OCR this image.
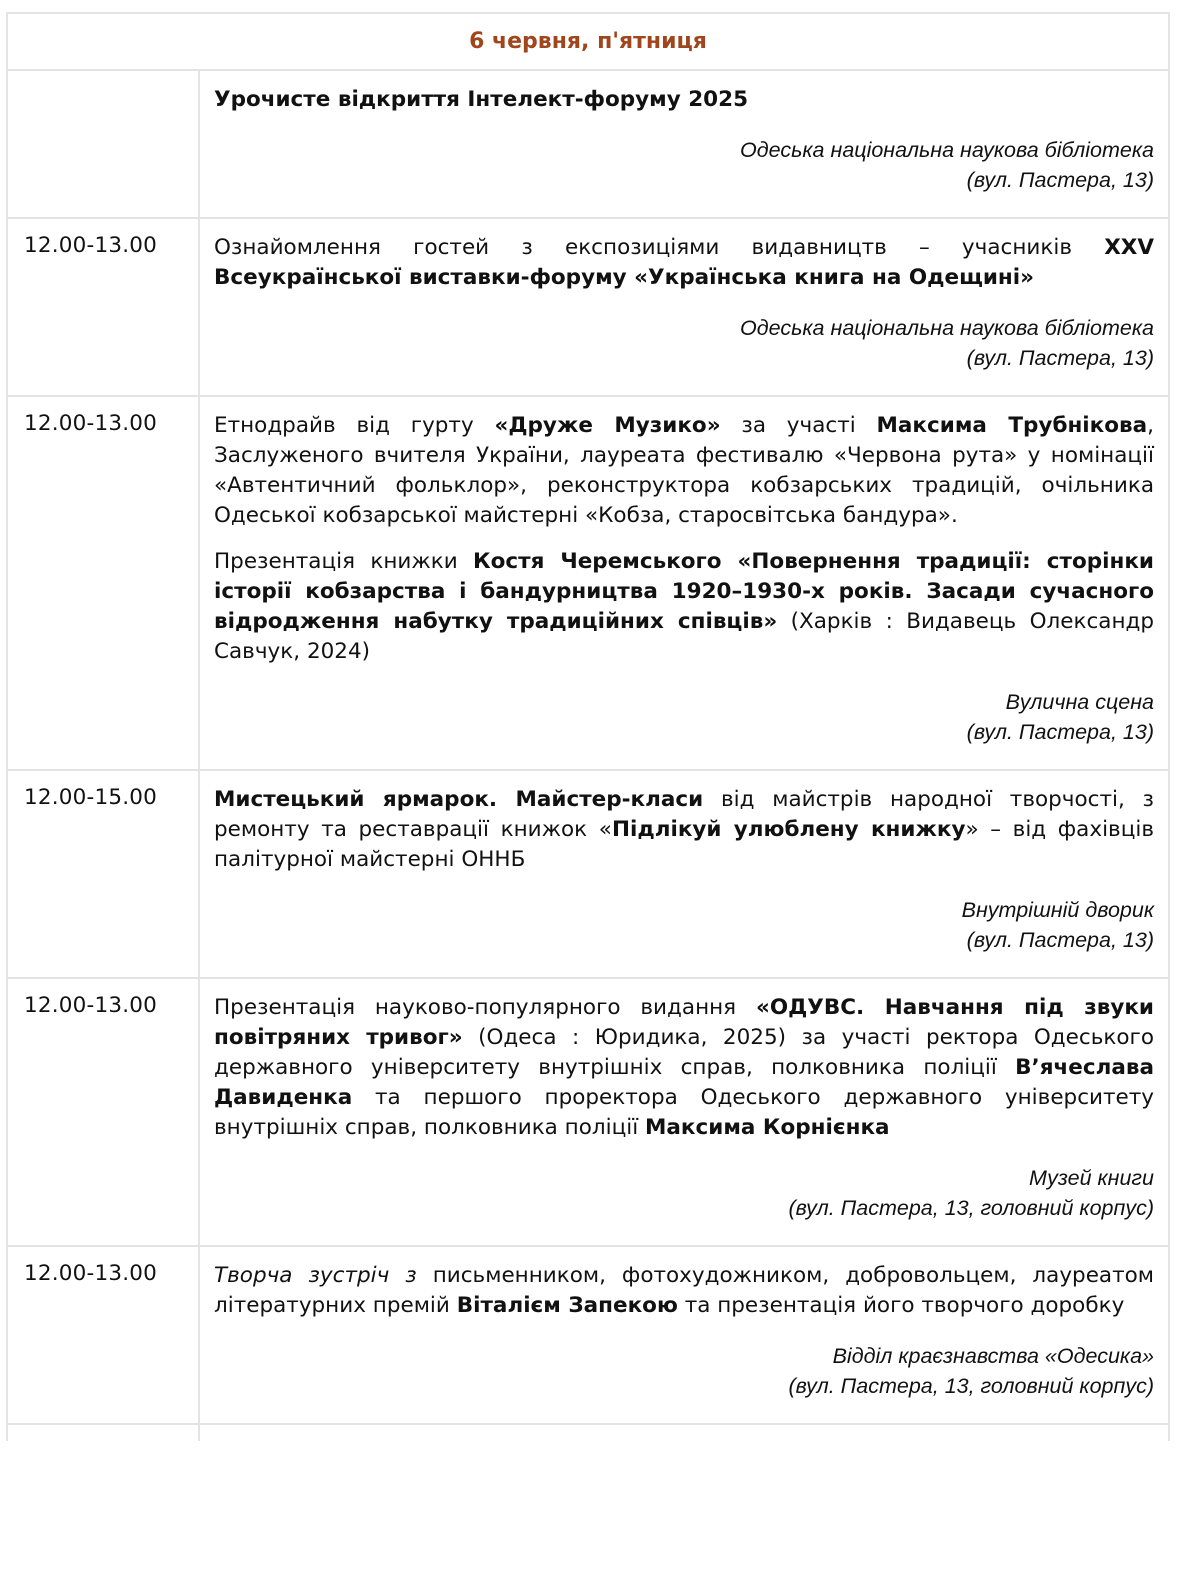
6 червня, п'ятниця	

	Урочисте відкриття Інтелект-форуму 2025

Одеська національна наукова бібліотека
(вул. Пастера, 13)

12.00-13.00	Ознайомлення гостей з експозиціями видавництв – учасників XXV Всеукраїнської виставки-форуму «Українська книга на Одещині»

Одеська національна наукова бібліотека
(вул. Пастера, 13)

12.00-13.00	Етнодрайв від гурту «Друже Музико» за участі Максима Трубнікова, Заслуженого вчителя України, лауреата фестивалю «Червона рута» у номінації «Автентичний фольклор», реконструктора кобзарських традицій, очільника Одеської кобзарської майстерні «Кобза, старосвітська бандура».

Презентація книжки Костя Черемського «Повернення традиції: сторінки історії кобзарства і бандурництва 1920–1930-х років. Засади сучасного відродження набутку традиційних співців» (Харків : Видавець Олександр Савчук, 2024)

Вулична сцена
(вул. Пастера, 13)

12.00-15.00	Мистецький ярмарок. Майстер-класи від майстрів народної творчості, з ремонту та реставрації книжок «Підлікуй улюблену книжку» – від фахівців палітурної майстерні ОННБ

Внутрішній дворик
(вул. Пастера, 13)

12.00-13.00	Презентація науково-популярного видання «ОДУВС. Навчання під звуки повітряних тривог» (Одеса : Юридика, 2025) за участі ректора Одеського державного університету внутрішніх справ, полковника поліції В’ячеслава Давиденка та першого проректора Одеського державного університету внутрішніх справ, полковника поліції Максима Корнієнка

Музей книги
(вул. Пастера, 13, головний корпус)

12.00-13.00	Творча зустріч з письменником, фотохудожником, добровольцем, лауреатом літературних премій Віталієм Запекою та презентація його творчого доробку

Відділ краєзнавства «Одесика»
(вул. Пастера, 13, головний корпус)
